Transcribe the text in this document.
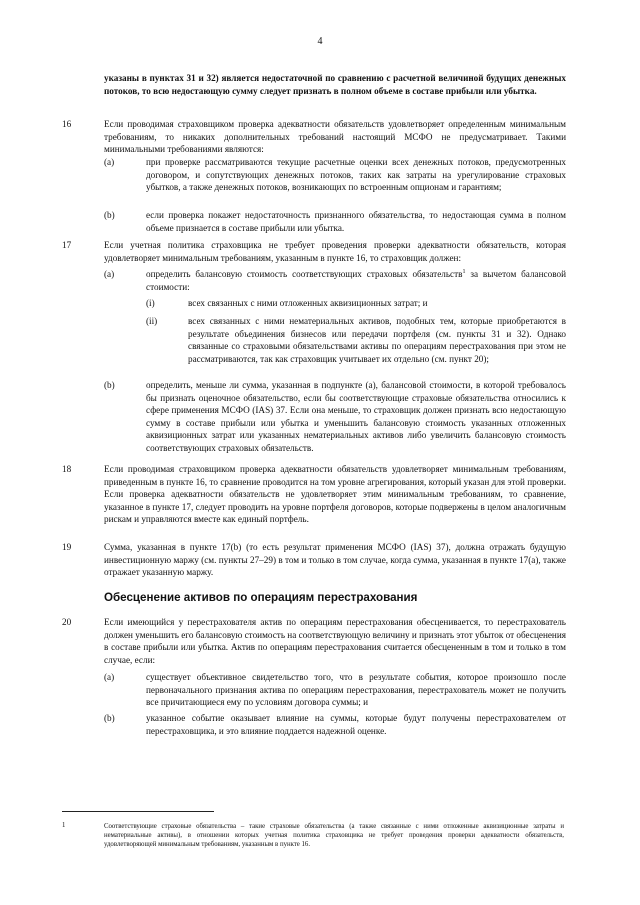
4
указаны в пунктах 31 и 32) является недостаточной по сравнению с расчетной величиной будущих денежных потоков, то всю недостающую сумму следует признать в полном объеме в составе прибыли или убытка.
16	Если проводимая страховщиком проверка адекватности обязательств удовлетворяет определенным минимальным требованиям, то никаких дополнительных требований настоящий МСФО не предусматривает. Такими минимальными требованиями являются:
(a)	при проверке рассматриваются текущие расчетные оценки всех денежных потоков, предусмотренных договором, и сопутствующих денежных потоков, таких как затраты на урегулирование страховых убытков, а также денежных потоков, возникающих по встроенным опционам и гарантиям;
(b)	если проверка покажет недостаточность признанного обязательства, то недостающая сумма в полном объеме признается в составе прибыли или убытка.
17	Если учетная политика страховщика не требует проведения проверки адекватности обязательств, которая удовлетворяет минимальным требованиям, указанным в пункте 16, то страховщик должен:
(a)	определить балансовую стоимость соответствующих страховых обязательств$^1$ за вычетом балансовой стоимости:
(i)	всех связанных с ними отложенных аквизиционных затрат; и
(ii)	всех связанных с ними нематериальных активов, подобных тем, которые приобретаются в результате объединения бизнесов или передачи портфеля (см. пункты 31 и 32). Однако связанные со страховыми обязательствами активы по операциям перестрахования при этом не рассматриваются, так как страховщик учитывает их отдельно (см. пункт 20);
(b)	определить, меньше ли сумма, указанная в подпункте (a), балансовой стоимости, в которой требовалось бы признать оценочное обязательство, если бы соответствующие страховые обязательства относились к сфере применения МСФО (IAS) 37. Если она меньше, то страховщик должен признать всю недостающую сумму в составе прибыли или убытка и уменьшить балансовую стоимость указанных отложенных аквизиционных затрат или указанных нематериальных активов либо увеличить балансовую стоимость соответствующих страховых обязательств.
18	Если проводимая страховщиком проверка адекватности обязательств удовлетворяет минимальным требованиям, приведенным в пункте 16, то сравнение проводится на том уровне агрегирования, который указан для этой проверки. Если проверка адекватности обязательств не удовлетворяет этим минимальным требованиям, то сравнение, указанное в пункте 17, следует проводить на уровне портфеля договоров, которые подвержены в целом аналогичным рискам и управляются вместе как единый портфель.
19	Сумма, указанная в пункте 17(b) (то есть результат применения МСФО (IAS) 37), должна отражать будущую инвестиционную маржу (см. пункты 27–29) в том и только в том случае, когда сумма, указанная в пункте 17(a), также отражает указанную маржу.
Обесценение активов по операциям перестрахования
20	Если имеющийся у перестрахователя актив по операциям перестрахования обесценивается, то перестрахователь должен уменьшить его балансовую стоимость на соответствующую величину и признать этот убыток от обесценения в составе прибыли или убытка. Актив по операциям перестрахования считается обесцененным в том и только в том случае, если:
(a)	существует объективное свидетельство того, что в результате события, которое произошло после первоначального признания актива по операциям перестрахования, перестрахователь может не получить все причитающиеся ему по условиям договора суммы; и
(b)	указанное событие оказывает влияние на суммы, которые будут получены перестрахователем от перестраховщика, и это влияние поддается надежной оценке.
1	Соответствующие страховые обязательства – такие страховые обязательства (а также связанные с ними отложенные аквизиционные затраты и нематериальные активы), в отношении которых учетная политика страховщика не требует проведения проверки адекватности обязательств, удовлетворяющей минимальным требованиям, указанным в пункте 16.
